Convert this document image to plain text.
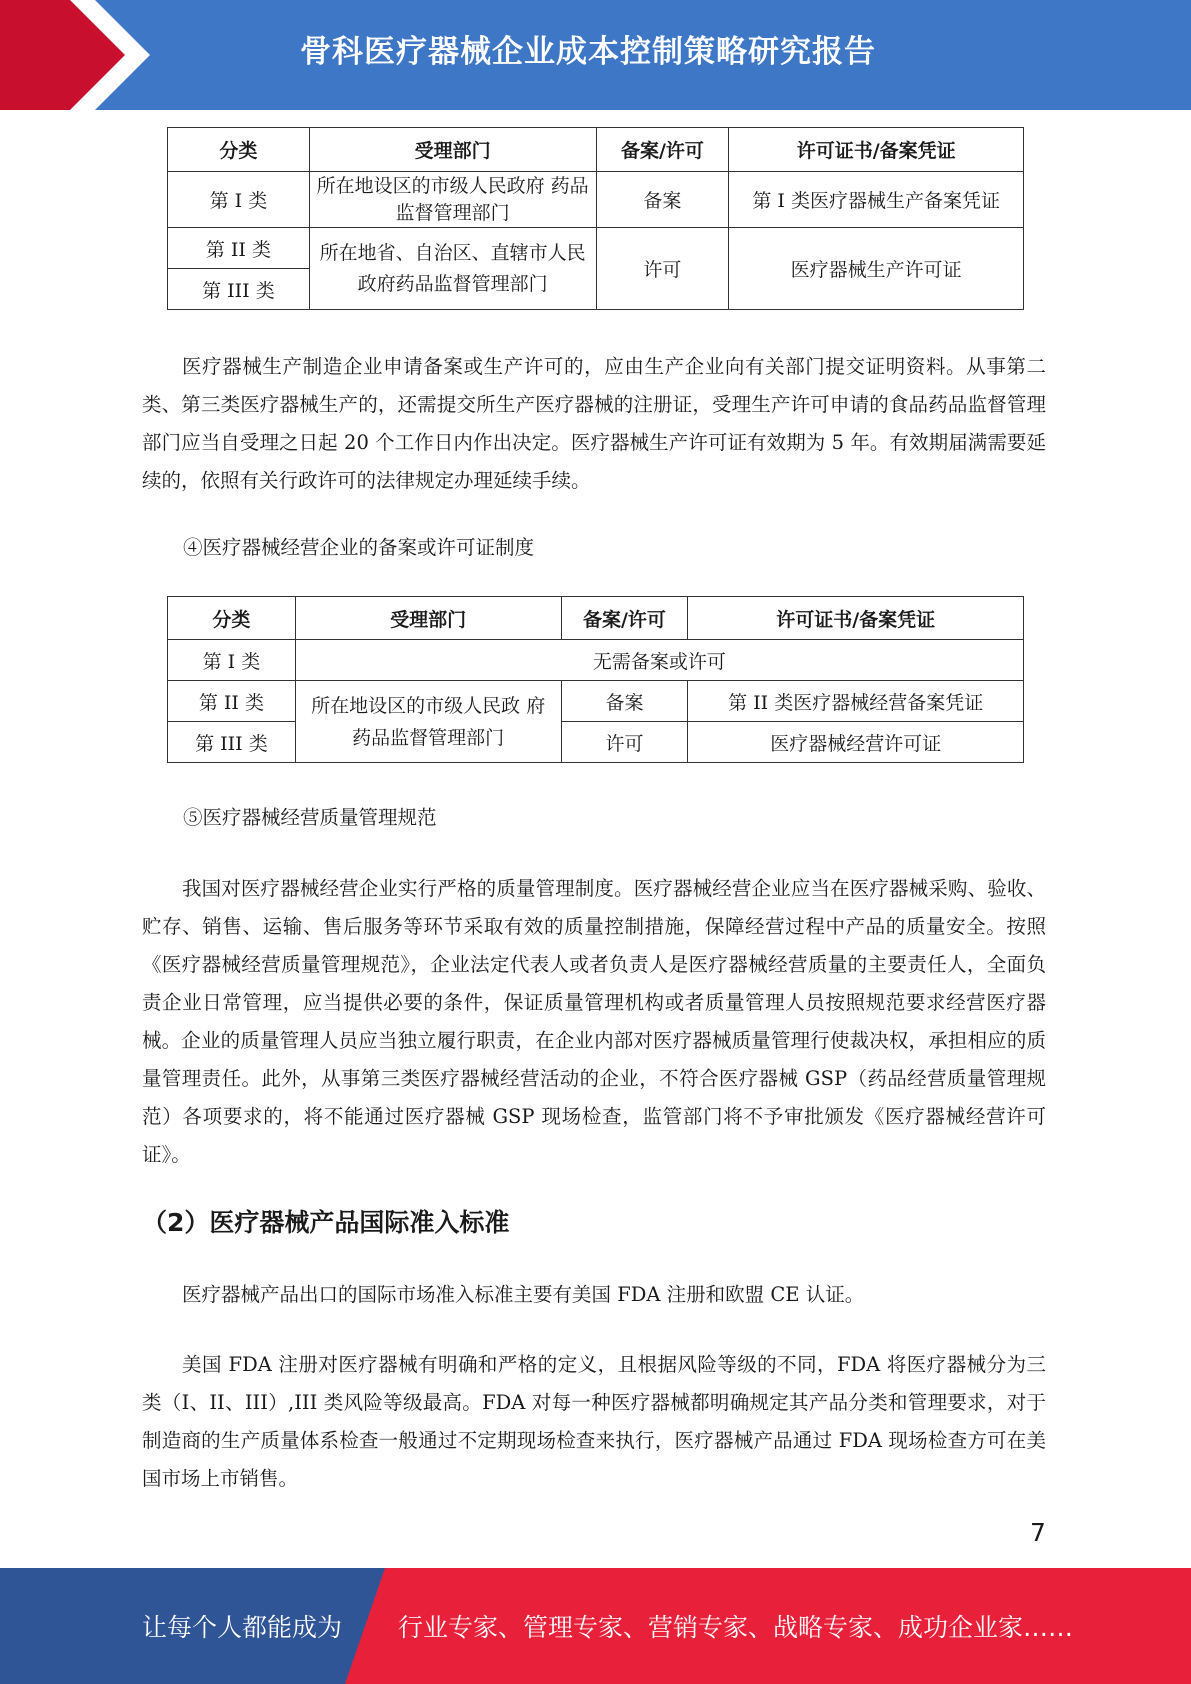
骨科医疗器械企业成本控制策略研究报告
分类	受理部门	备案/许可	许可证书/备案凭证
第 I 类	所在地设区的市级人民政府 药品监督管理部门	备案	第 I 类医疗器械生产备案凭证
第 II 类	所在地省、自治区、直辖市人民政府药品监督管理部门	许可	医疗器械生产许可证
第 III 类			

医疗器械生产制造企业申请备案或生产许可的，应由生产企业向有关部门提交证明资料。从事第二类、第三类医疗器械生产的，还需提交所生产医疗器械的注册证，受理生产许可申请的食品药品监督管理部门应当自受理之日起 20 个工作日内作出决定。医疗器械生产许可证有效期为 5 年。有效期届满需要延续的，依照有关行政许可的法律规定办理延续手续。

④医疗器械经营企业的备案或许可证制度
分类	受理部门	备案/许可	许可证书/备案凭证
第 I 类	无需备案或许可		
第 II 类	所在地设区的市级人民政 府药品监督管理部门	备案	第 II 类医疗器械经营备案凭证
第 III 类		许可	医疗器械经营许可证
⑤医疗器械经营质量管理规范

我国对医疗器械经营企业实行严格的质量管理制度。医疗器械经营企业应当在医疗器械采购、验收、贮存、销售、运输、售后服务等环节采取有效的质量控制措施，保障经营过程中产品的质量安全。按照《医疗器械经营质量管理规范》，企业法定代表人或者负责人是医疗器械经营质量的主要责任人，全面负责企业日常管理，应当提供必要的条件，保证质量管理机构或者质量管理人员按照规范要求经营医疗器械。企业的质量管理人员应当独立履行职责，在企业内部对医疗器械质量管理行使裁决权，承担相应的质量管理责任。此外，从事第三类医疗器械经营活动的企业，不符合医疗器械 GSP（药品经营质量管理规范）各项要求的，将不能通过医疗器械 GSP 现场检查，监管部门将不予审批颁发《医疗器械经营许可证》。

（2）医疗器械产品国际准入标准

医疗器械产品出口的国际市场准入标准主要有美国 FDA 注册和欧盟 CE 认证。

美国 FDA 注册对医疗器械有明确和严格的定义，且根据风险等级的不同，FDA 将医疗器械分为三类（I、II、III）,III 类风险等级最高。FDA 对每一种医疗器械都明确规定其产品分类和管理要求，对于制造商的生产质量体系检查一般通过不定期现场检查来执行，医疗器械产品通过 FDA 现场检查方可在美国市场上市销售。

7
让每个人都能成为 行业专家、管理专家、营销专家、战略专家、成功企业家……
